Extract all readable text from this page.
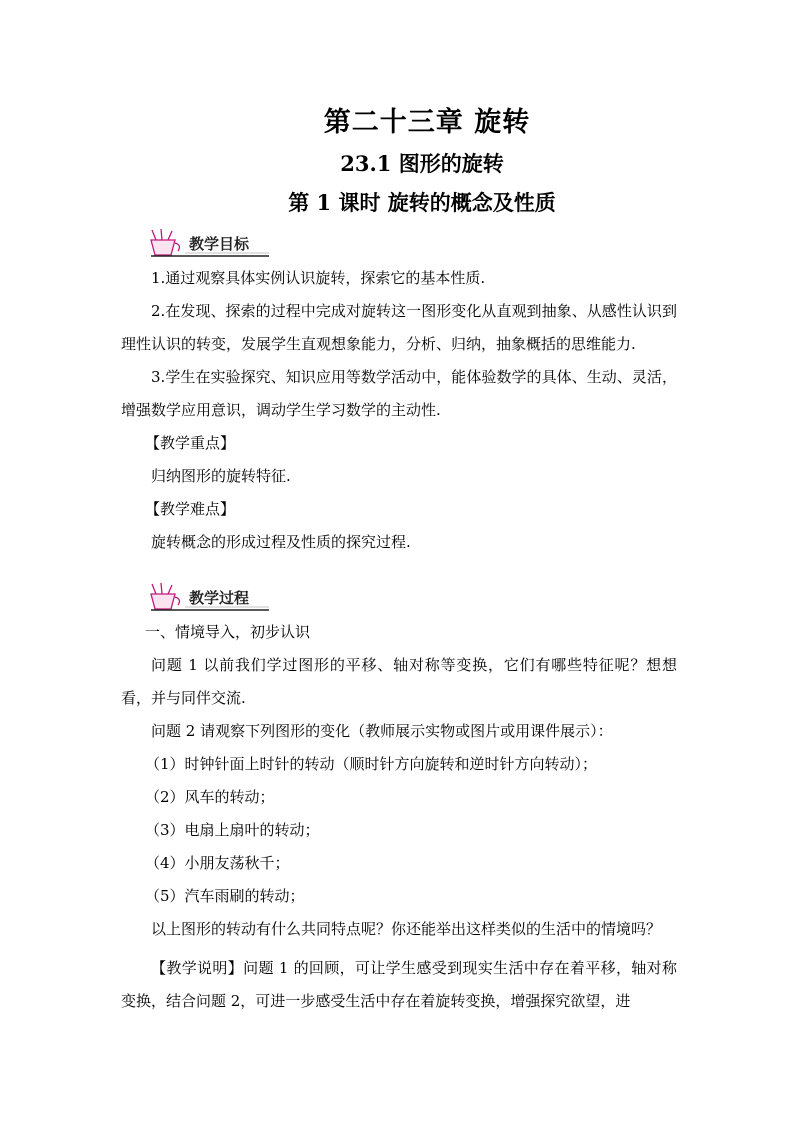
第二十三章 旋转
23.1 图形的旋转
第 1 课时 旋转的概念及性质
教学目标

1.通过观察具体实例认识旋转，探索它的基本性质.

2.在发现、探索的过程中完成对旋转这一图形变化从直观到抽象、从感性认识到理性认识的转变，发展学生直观想象能力，分析、归纳，抽象概括的思维能力.

3.学生在实验探究、知识应用等数学活动中，能体验数学的具体、生动、灵活，增强数学应用意识，调动学生学习数学的主动性.

【教学重点】

归纳图形的旋转特征.

【教学难点】

旋转概念的形成过程及性质的探究过程.

教学过程

一、情境导入，初步认识

问题 1 以前我们学过图形的平移、轴对称等变换，它们有哪些特征呢？想想看，并与同伴交流.

问题 2 请观察下列图形的变化（教师展示实物或图片或用课件展示）：

（1）时钟针面上时针的转动（顺时针方向旋转和逆时针方向转动）；

（2）风车的转动；

（3）电扇上扇叶的转动；

（4）小朋友荡秋千；

（5）汽车雨刷的转动；

以上图形的转动有什么共同特点呢？你还能举出这样类似的生活中的情境吗？

【教学说明】问题 1 的回顾，可让学生感受到现实生活中存在着平移，轴对称变换，结合问题 2，可进一步感受生活中存在着旋转变换，增强探究欲望，进
